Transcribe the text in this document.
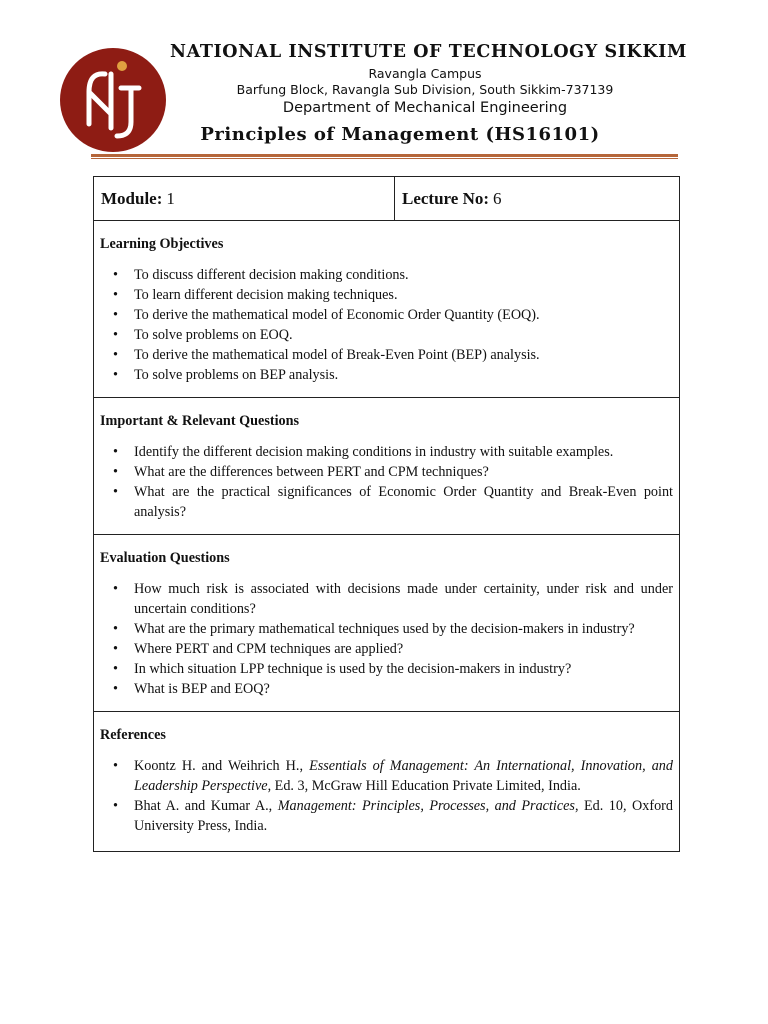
NATIONAL INSTITUTE OF TECHNOLOGY SIKKIM
Ravangla Campus
Barfung Block, Ravangla Sub Division, South Sikkim-737139
Department of Mechanical Engineering
Principles of Management (HS16101)
Module: 1	Lecture No: 6
Learning Objectives
• To discuss different decision making conditions.
• To learn different decision making techniques.
• To derive the mathematical model of Economic Order Quantity (EOQ).
• To solve problems on EOQ.
• To derive the mathematical model of Break-Even Point (BEP) analysis.
• To solve problems on BEP analysis.
Important & Relevant Questions
• Identify the different decision making conditions in industry with suitable examples.
• What are the differences between PERT and CPM techniques?
• What are the practical significances of Economic Order Quantity and Break-Even point analysis?
Evaluation Questions
• How much risk is associated with decisions made under certainity, under risk and under uncertain conditions?
• What are the primary mathematical techniques used by the decision-makers in industry?
• Where PERT and CPM techniques are applied?
• In which situation LPP technique is used by the decision-makers in industry?
• What is BEP and EOQ?
References
• Koontz H. and Weihrich H., Essentials of Management: An International, Innovation, and Leadership Perspective, Ed. 3, McGraw Hill Education Private Limited, India.
• Bhat A. and Kumar A., Management: Principles, Processes, and Practices, Ed. 10, Oxford University Press, India.
